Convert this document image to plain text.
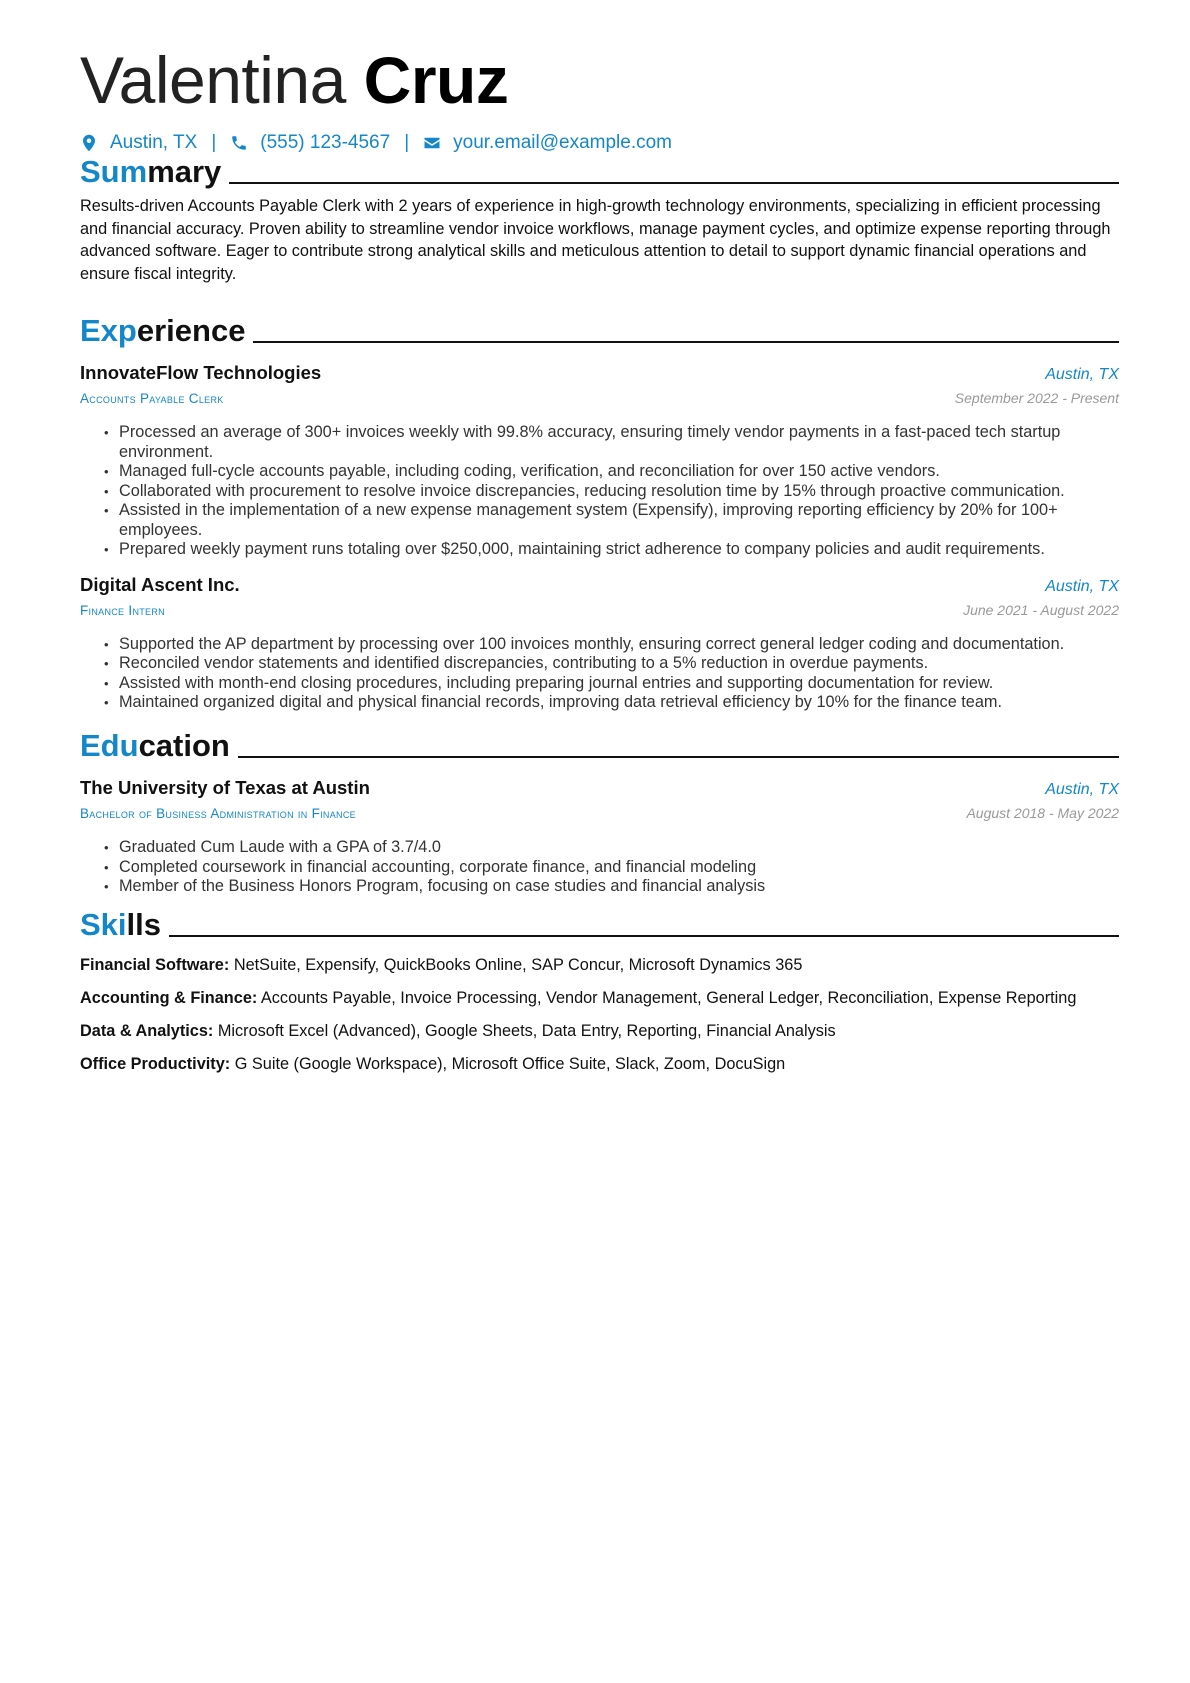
Valentina Cruz
Austin, TX | (555) 123-4567 | your.email@example.com
Summary
Results-driven Accounts Payable Clerk with 2 years of experience in high-growth technology environments, specializing in efficient processing and financial accuracy. Proven ability to streamline vendor invoice workflows, manage payment cycles, and optimize expense reporting through advanced software. Eager to contribute strong analytical skills and meticulous attention to detail to support dynamic financial operations and ensure fiscal integrity.
Experience
InnovateFlow Technologies	Austin, TX
Accounts Payable Clerk	September 2022 - Present
• Processed an average of 300+ invoices weekly with 99.8% accuracy, ensuring timely vendor payments in a fast-paced tech startup environment.
• Managed full-cycle accounts payable, including coding, verification, and reconciliation for over 150 active vendors.
• Collaborated with procurement to resolve invoice discrepancies, reducing resolution time by 15% through proactive communication.
• Assisted in the implementation of a new expense management system (Expensify), improving reporting efficiency by 20% for 100+ employees.
• Prepared weekly payment runs totaling over $250,000, maintaining strict adherence to company policies and audit requirements.
Digital Ascent Inc.	Austin, TX
Finance Intern	June 2021 - August 2022
• Supported the AP department by processing over 100 invoices monthly, ensuring correct general ledger coding and documentation.
• Reconciled vendor statements and identified discrepancies, contributing to a 5% reduction in overdue payments.
• Assisted with month-end closing procedures, including preparing journal entries and supporting documentation for review.
• Maintained organized digital and physical financial records, improving data retrieval efficiency by 10% for the finance team.
Education
The University of Texas at Austin	Austin, TX
Bachelor of Business Administration in Finance	August 2018 - May 2022
• Graduated Cum Laude with a GPA of 3.7/4.0
• Completed coursework in financial accounting, corporate finance, and financial modeling
• Member of the Business Honors Program, focusing on case studies and financial analysis
Skills
Financial Software: NetSuite, Expensify, QuickBooks Online, SAP Concur, Microsoft Dynamics 365
Accounting & Finance: Accounts Payable, Invoice Processing, Vendor Management, General Ledger, Reconciliation, Expense Reporting
Data & Analytics: Microsoft Excel (Advanced), Google Sheets, Data Entry, Reporting, Financial Analysis
Office Productivity: G Suite (Google Workspace), Microsoft Office Suite, Slack, Zoom, DocuSign
